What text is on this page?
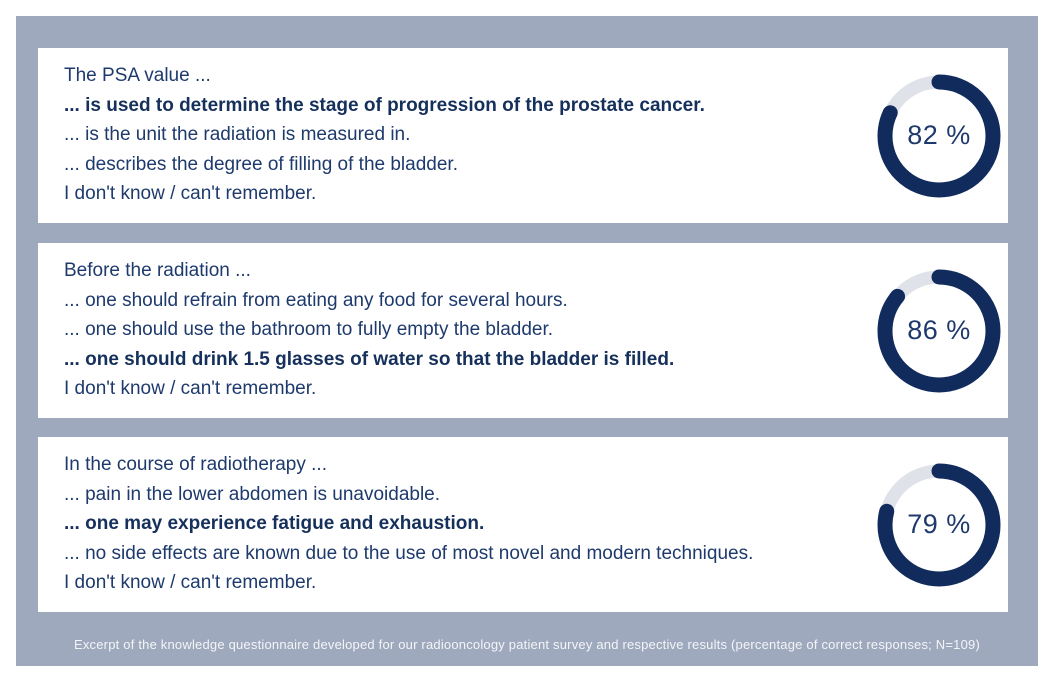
The PSA value ...
... is used to determine the stage of progression of the prostate cancer.
... is the unit the radiation is measured in.
... describes the degree of filling of the bladder.
I don't know / can't remember.
82 %
Before the radiation ...
... one should refrain from eating any food for several hours.
... one should use the bathroom to fully empty the bladder.
... one should drink 1.5 glasses of water so that the bladder is filled.
I don't know / can't remember.
86 %
In the course of radiotherapy ...
... pain in the lower abdomen is unavoidable.
... one may experience fatigue and exhaustion.
... no side effects are known due to the use of most novel and modern techniques.
I don't know / can't remember.
79 %
Excerpt of the knowledge questionnaire developed for our radiooncology patient survey and respective results (percentage of correct responses; N=109)
